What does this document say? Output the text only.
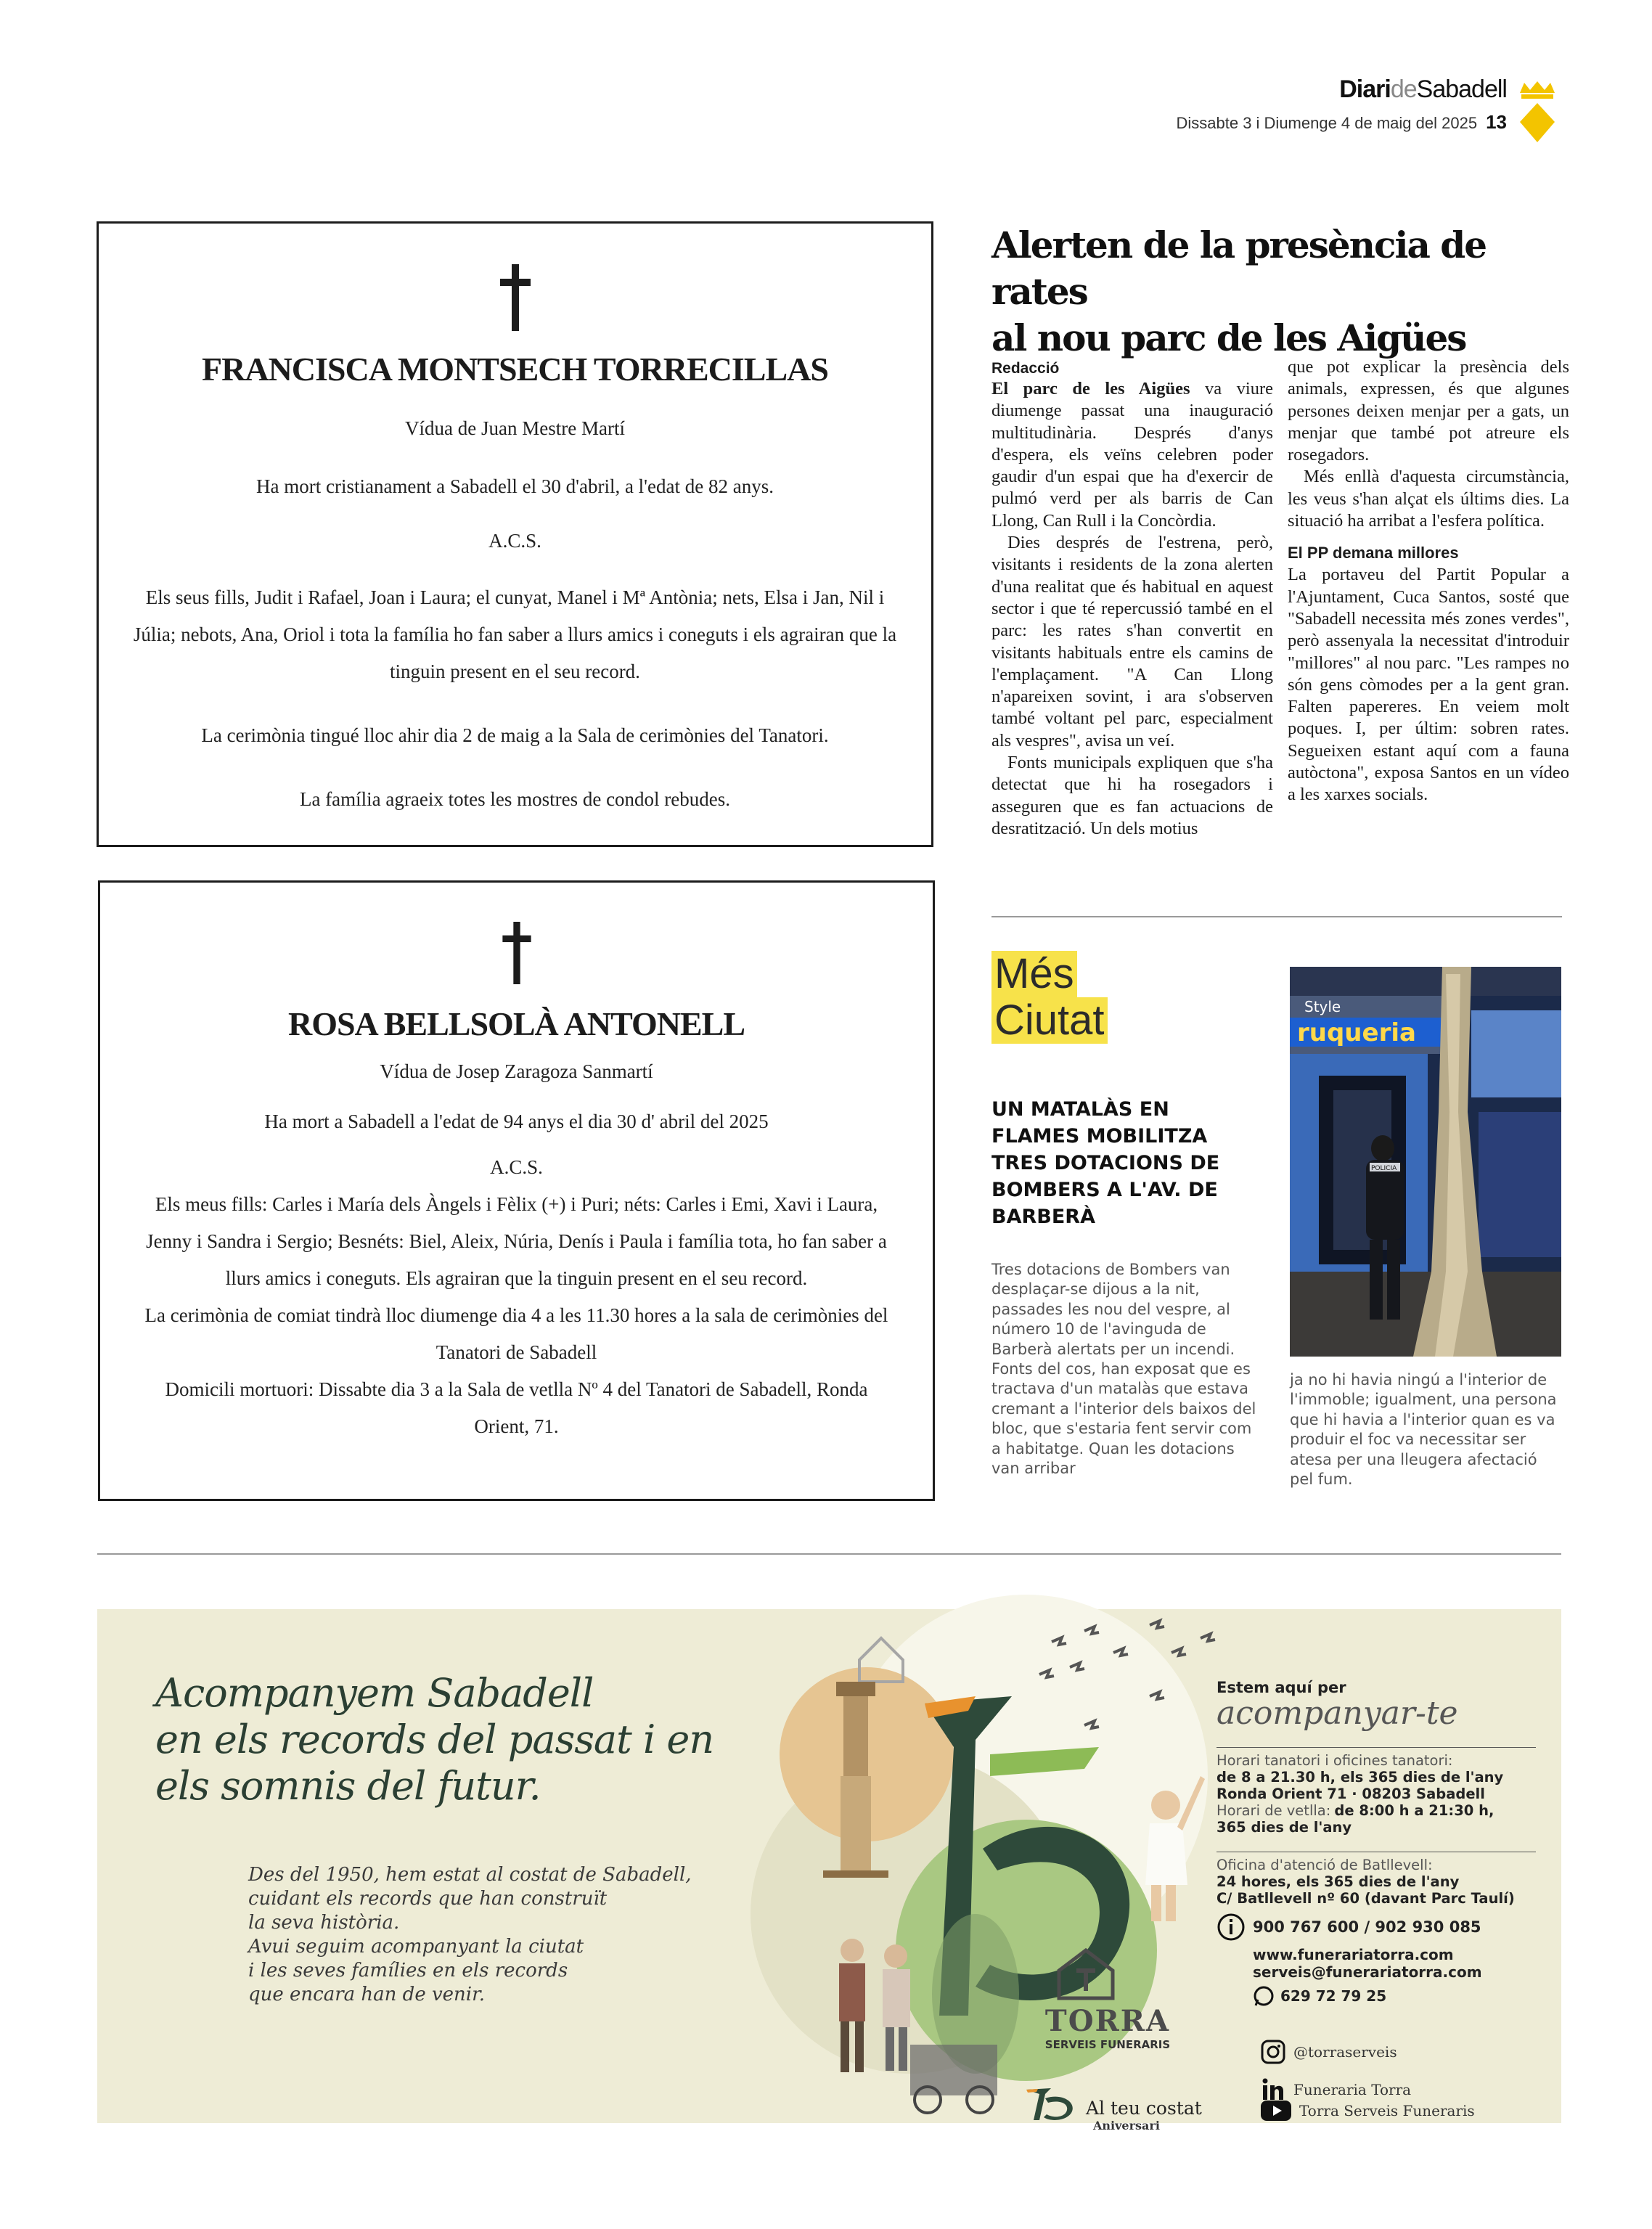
DiarideSabadell
Dissabte 3 i Diumenge 4 de maig del 2025 13
FRANCISCA MONTSECH TORRECILLAS

Vídua de Juan Mestre Martí

Ha mort cristianament a Sabadell el 30 d'abril, a l'edat de 82 anys.

A.C.S.

Els seus fills, Judit i Rafael, Joan i Laura; el cunyat, Manel i Mª Antònia; nets, Elsa i Jan, Nil i

Júlia; nebots, Ana, Oriol i tota la família ho fan saber a llurs amics i coneguts i els agrairan que la

tinguin present en el seu record.

La cerimònia tingué lloc ahir dia 2 de maig a la Sala de cerimònies del Tanatori.

La família agraeix totes les mostres de condol rebudes.

ROSA BELLSOLÀ ANTONELL

Vídua de Josep Zaragoza Sanmartí

Ha mort a Sabadell a l'edat de 94 anys el dia 30 d' abril del 2025

A.C.S.

Els meus fills: Carles i María dels Àngels i Fèlix (+) i Puri; néts: Carles i Emi, Xavi i Laura,

Jenny i Sandra i Sergio; Besnéts: Biel, Aleix, Núria, Denís i Paula i família tota, ho fan saber a

llurs amics i coneguts. Els agrairan que la tinguin present en el seu record.

La cerimònia de comiat tindrà lloc diumenge dia 4 a les 11.30 hores a la sala de cerimònies del

Tanatori de Sabadell

Domicili mortuori: Dissabte dia 3 a la Sala de vetlla Nº 4 del Tanatori de Sabadell, Ronda

Orient, 71.

Alerten de la presència de rates
al nou parc de les Aigües
Redacció

El parc de les Aigües va viure diumenge passat una inauguració multitudinària. Després d'anys d'espera, els veïns celebren poder gaudir d'un espai que ha d'exercir de pulmó verd per als barris de Can Llong, Can Rull i la Concòrdia.

Dies després de l'estrena, però, visitants i residents de la zona alerten d'una realitat que és habitual en aquest sector i que té repercussió també en el parc: les rates s'han convertit en visitants habituals entre els camins de l'emplaçament. "A Can Llong n'apareixen sovint, i ara s'observen també voltant pel parc, especialment als vespres", avisa un veí.

Fonts municipals expliquen que s'ha detectat que hi ha rosegadors i asseguren que es fan actuacions de desratització. Un dels motius

que pot explicar la presència dels animals, expressen, és que algunes persones deixen menjar per a gats, un menjar que també pot atreure els rosegadors.

Més enllà d'aquesta circumstància, les veus s'han alçat els últims dies. La situació ha arribat a l'esfera política.

El PP demana millores

La portaveu del Partit Popular a l'Ajuntament, Cuca Santos, sosté que "Sabadell necessita més zones verdes", però assenyala la necessitat d'introduir "millores" al nou parc. "Les rampes no són gens còmodes per a la gent gran. Falten papereres. En veiem molt poques. I, per últim: sobren rates. Segueixen estant aquí com a fauna autòctona", exposa Santos en un vídeo a les xarxes socials.

Més
Ciutat
UN MATALÀS EN FLAMES MOBILITZA TRES DOTACIONS DE BOMBERS A L'AV. DE BARBERÀ
Tres dotacions de Bombers van desplaçar-se dijous a la nit, passades les nou del vespre, al número 10 de l'avinguda de Barberà alertats per un incendi. Fonts del cos, han exposat que es tractava d'un matalàs que estava cremant a l'interior dels baixos del bloc, que s'estaria fent servir com a habitatge. Quan les dotacions van arribar
ja no hi havia ningú a l'interior de l'immoble; igualment, una persona que hi havia a l'interior quan es va produir el foc va necessitar ser atesa per una lleugera afectació pel fum.
Style
ruqueria
POLICIA
Acompanyem Sabadell
en els records del passat i en
els somnis del futur.
Des del 1950, hem estat al costat de Sabadell,
cuidant els records que han construït
la seva història.
Avui seguim acompanyant la ciutat
i les seves famílies en els records
que encara han de venir.
TORRA
SERVEIS FUNERARIS
Al teu costat
Aniversari
Estem aquí per
acompanyar-te
Horari tanatori i oficines tanatori:
de 8 a 21.30 h, els 365 dies de l'any
Ronda Orient 71 · 08203 Sabadell
Horari de vetlla: de 8:00 h a 21:30 h,
365 dies de l'any
Oficina d'atenció de Batllevell:
24 hores, els 365 dies de l'any
C/ Batllevell nº 60 (davant Parc Taulí)
900 767 600 / 902 930 085
www.funerariatorra.com
serveis@funerariatorra.com
629 72 79 25
@torraserveis
Funeraria Torra
Torra Serveis Funeraris
